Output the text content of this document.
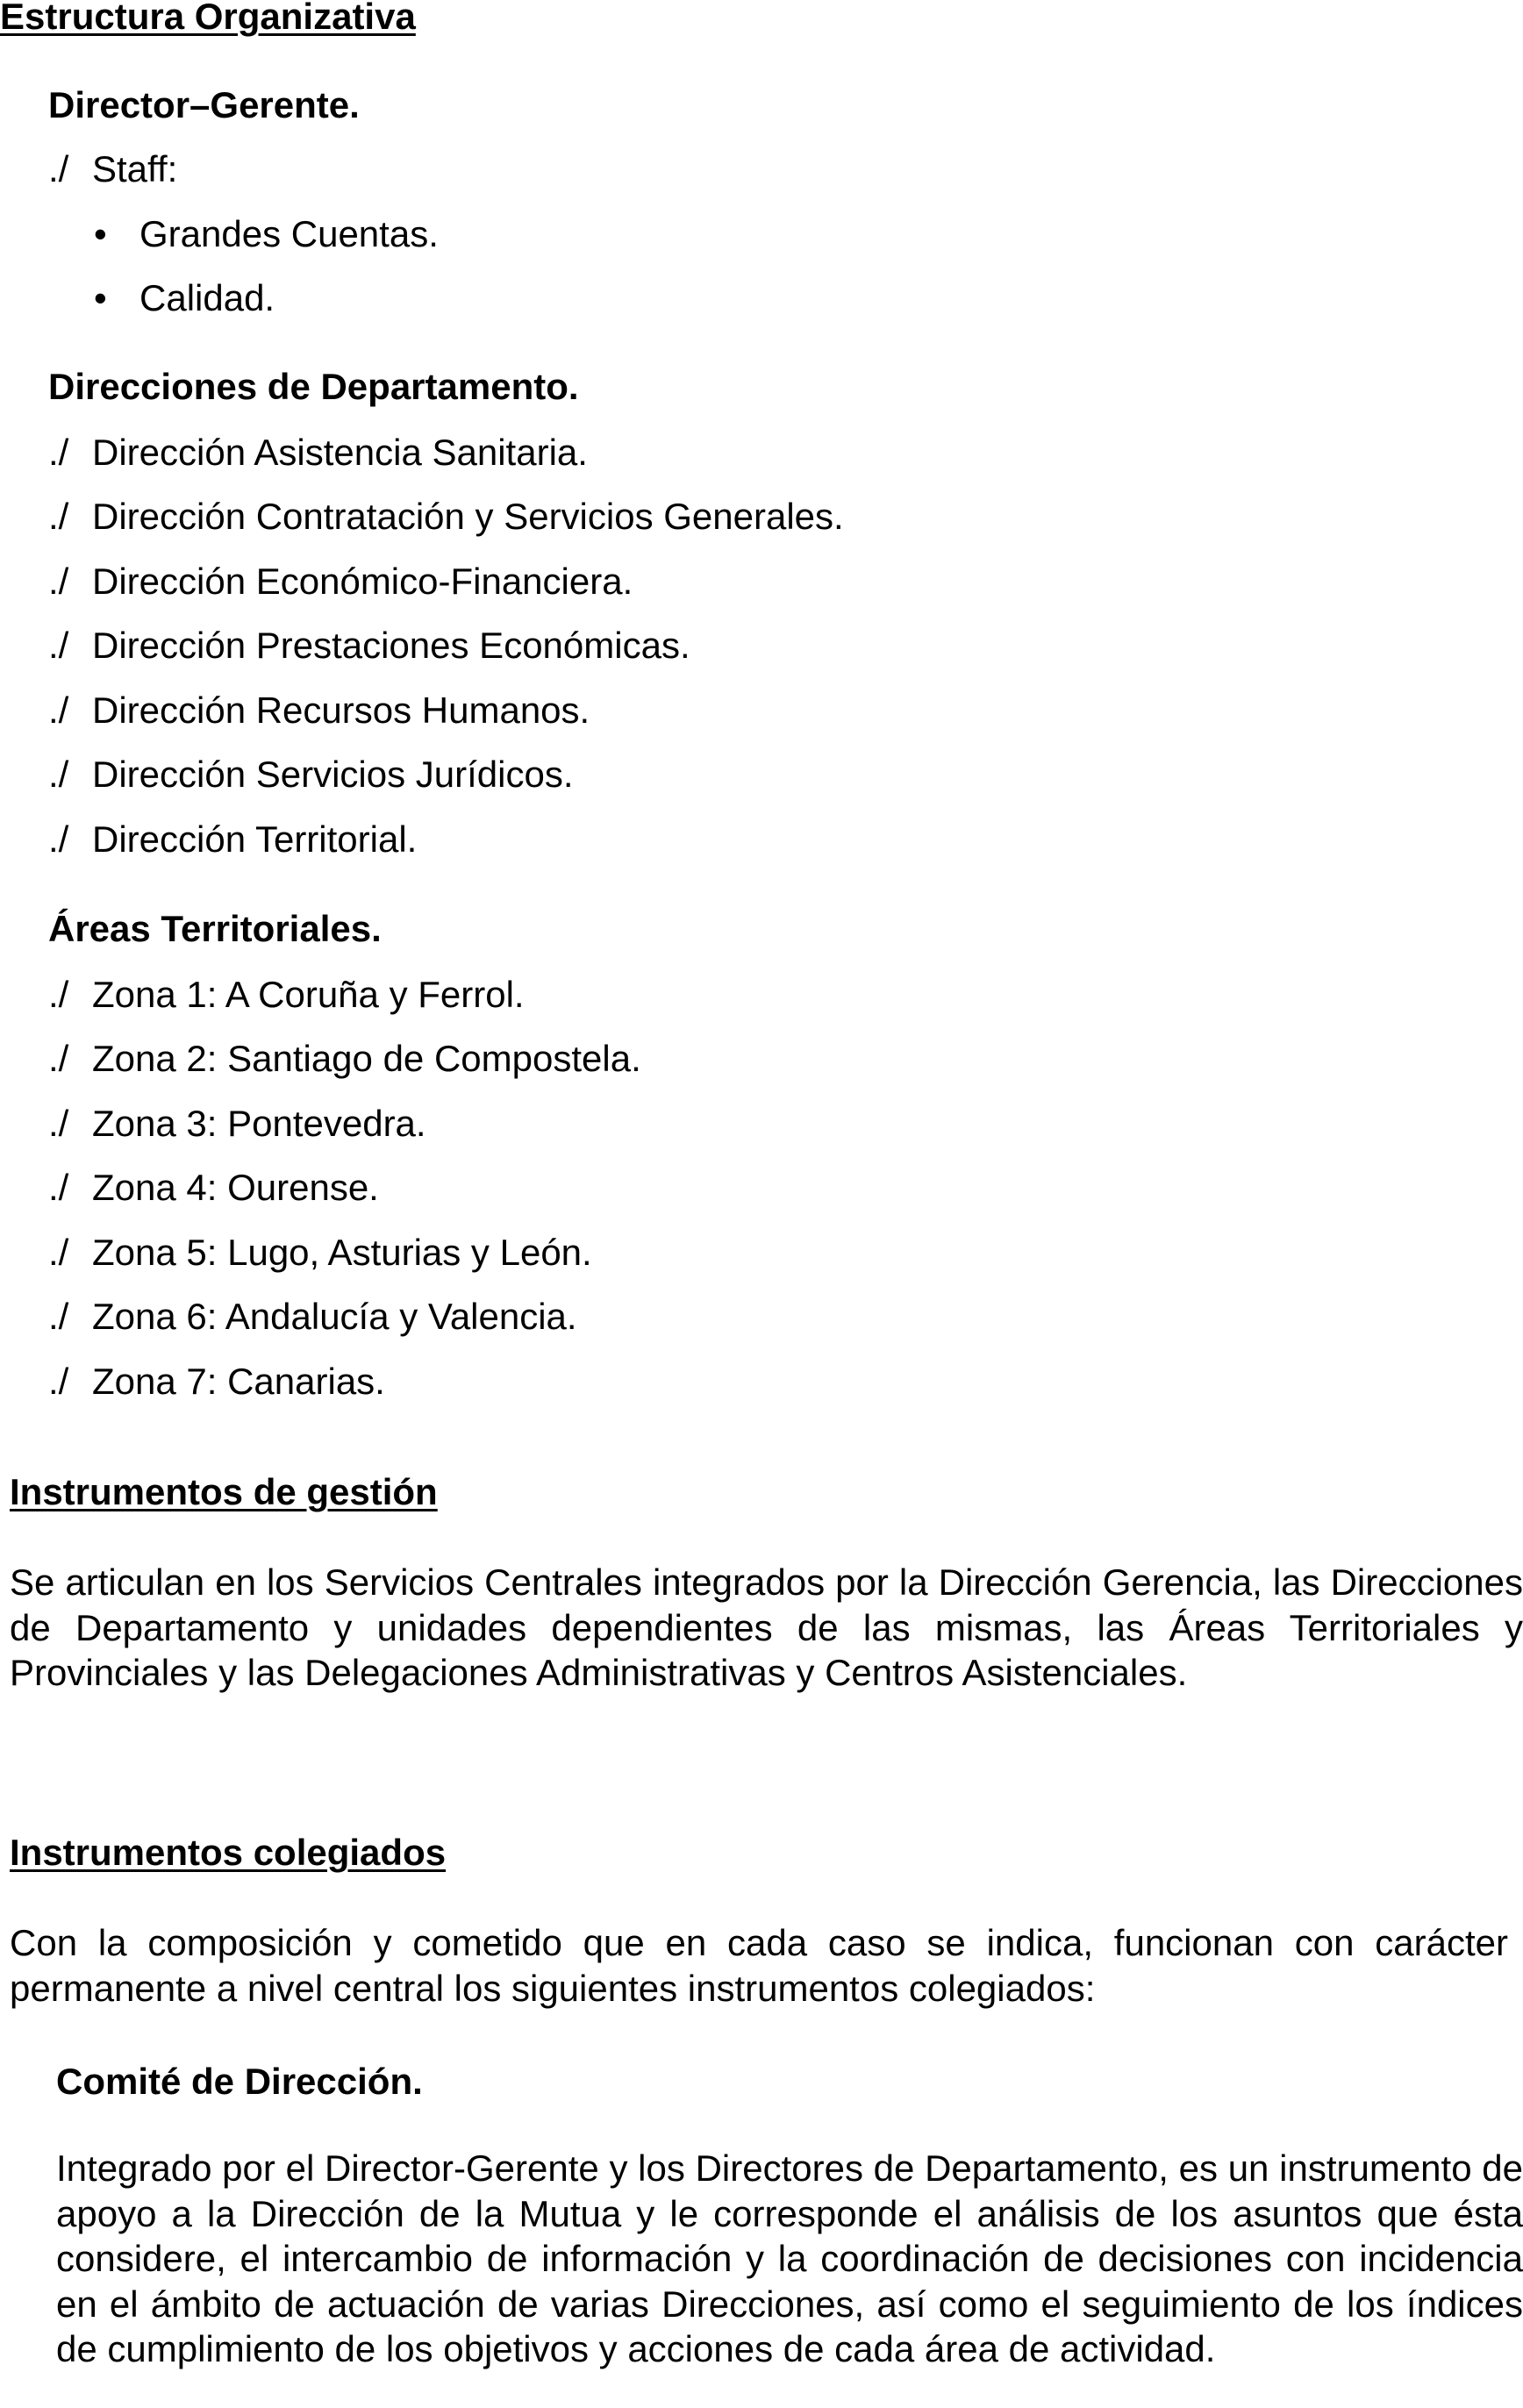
Estructura Organizativa
Director–Gerente.
./ Staff:
• Grandes Cuentas.
• Calidad.
Direcciones de Departamento.
./ Dirección Asistencia Sanitaria.
./ Dirección Contratación y Servicios Generales.
./ Dirección Económico-Financiera.
./ Dirección Prestaciones Económicas.
./ Dirección Recursos Humanos.
./ Dirección Servicios Jurídicos.
./ Dirección Territorial.
Áreas Territoriales.
./ Zona 1: A Coruña y Ferrol.
./ Zona 2: Santiago de Compostela.
./ Zona 3: Pontevedra.
./ Zona 4: Ourense.
./ Zona 5: Lugo, Asturias y León.
./ Zona 6: Andalucía y Valencia.
./ Zona 7: Canarias.
Instrumentos de gestión
Se articulan en los Servicios Centrales integrados por la Dirección Gerencia, las Direcciones de Departamento y unidades dependientes de las mismas, las Áreas Territoriales y Provinciales y las Delegaciones Administrativas y Centros Asistenciales.
Instrumentos colegiados
Con la composición y cometido que en cada caso se indica, funcionan con carácter permanente a nivel central los siguientes instrumentos colegiados:
Comité de Dirección.
Integrado por el Director-Gerente y los Directores de Departamento, es un instrumento de apoyo a la Dirección de la Mutua y le corresponde el análisis de los asuntos que ésta considere, el intercambio de información y la coordinación de decisiones con incidencia en el ámbito de actuación de varias Direcciones, así como el seguimiento de los índices de cumplimiento de los objetivos y acciones de cada área de actividad.
